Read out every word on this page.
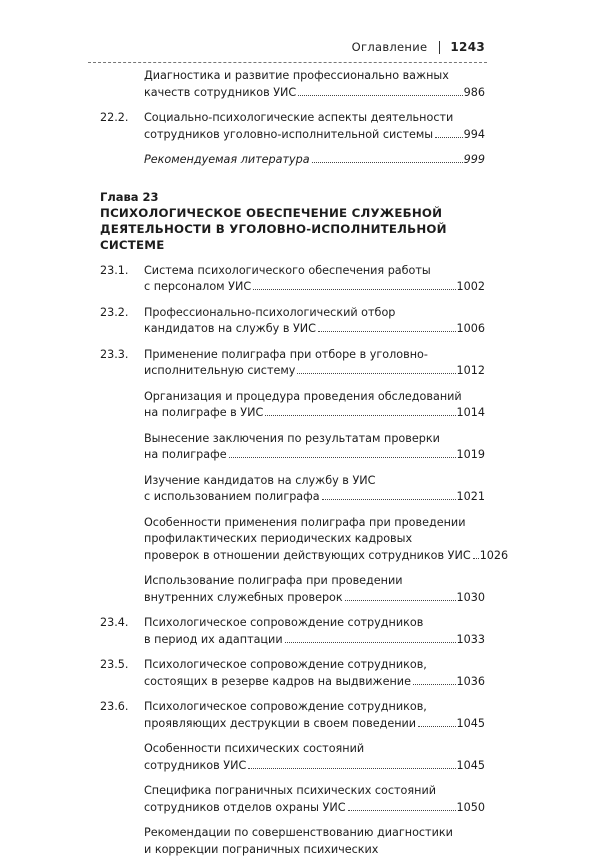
Оглавление 1243
Диагностика и развитие профессионально важных
качеств сотрудников УИС	986
22.2.	Социально-психологические аспекты деятельности
сотрудников уголовно-исполнительной системы	994
Рекомендуемая литература	999
Глава 23
ПСИХОЛОГИЧЕСКОЕ ОБЕСПЕЧЕНИЕ СЛУЖЕБНОЙ
ДЕЯТЕЛЬНОСТИ В УГОЛОВНО-ИСПОЛНИТЕЛЬНОЙ
СИСТЕМЕ
23.1.	Система психологического обеспечения работы
с персоналом УИС	1002
23.2.	Профессионально-психологический отбор
кандидатов на службу в УИС	1006
23.3.	Применение полиграфа при отборе в уголовно-
исполнительную систему	1012
Организация и процедура проведения обследований
на полиграфе в УИС	1014
Вынесение заключения по результатам проверки
на полиграфе	1019
Изучение кандидатов на службу в УИС
с использованием полиграфа	1021
Особенности применения полиграфа при проведении
профилактических периодических кадровых
проверок в отношении действующих сотрудников УИС 1026
Использование полиграфа при проведении
внутренних служебных проверок	1030
23.4.	Психологическое сопровождение сотрудников
в период их адаптации	1033
23.5.	Психологическое сопровождение сотрудников,
состоящих в резерве кадров на выдвижение	1036
23.6.	Психологическое сопровождение сотрудников,
проявляющих деструкции в своем поведении	1045
Особенности психических состояний
сотрудников УИС	1045
Специфика пограничных психических состояний
сотрудников отделов охраны УИС	1050
Рекомендации по совершенствованию диагностики
и коррекции пограничных психических
